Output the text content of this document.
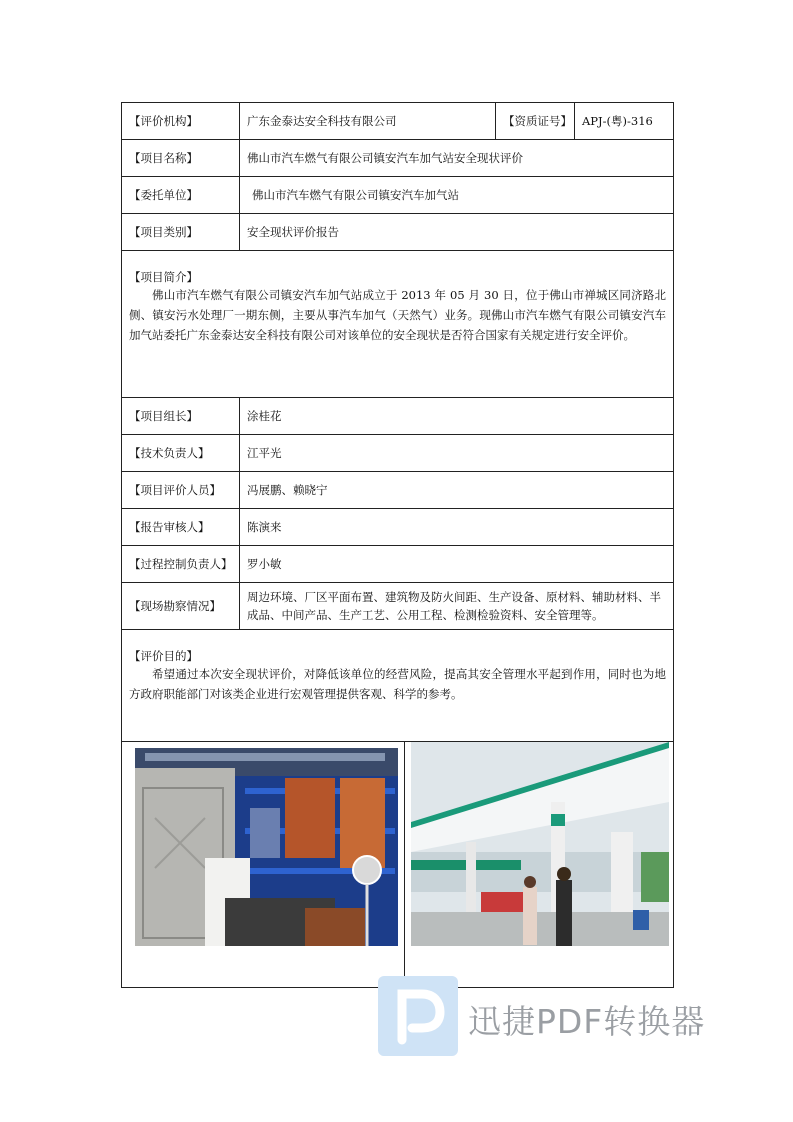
【评价机构】	广东金泰达安全科技有限公司	【资质证号】	APJ-(粤)-316
【项目名称】	佛山市汽车燃气有限公司镇安汽车加气站安全现状评价		
【委托单位】	佛山市汽车燃气有限公司镇安汽车加气站		
【项目类别】	安全现状评价报告		

【项目简介】
佛山市汽车燃气有限公司镇安汽车加气站成立于 2013 年 05 月 30 日，位于佛山市禅城区同济路北侧、镇安污水处理厂一期东侧，主要从事汽车加气（天然气）业务。现佛山市汽车燃气有限公司镇安汽车加气站委托广东金泰达安全科技有限公司对该单位的安全现状是否符合国家有关规定进行安全评价。			

【项目组长】	涂桂花		
【技术负责人】	江平光		
【项目评价人员】	冯展鹏、赖晓宁		
【报告审核人】	陈演来		
【过程控制负责人】	罗小敏		
【现场勘察情况】	周边环境、厂区平面布置、建筑物及防火间距、生产设备、原材料、辅助材料、半成品、中间产品、生产工艺、公用工程、检测检验资料、安全管理等。		

【评价目的】
希望通过本次安全现状评价，对降低该单位的经营风险，提高其安全管理水平起到作用，同时也为地方政府职能部门对该类企业进行宏观管理提供客观、科学的参考。			

迅捷PDF转换器
